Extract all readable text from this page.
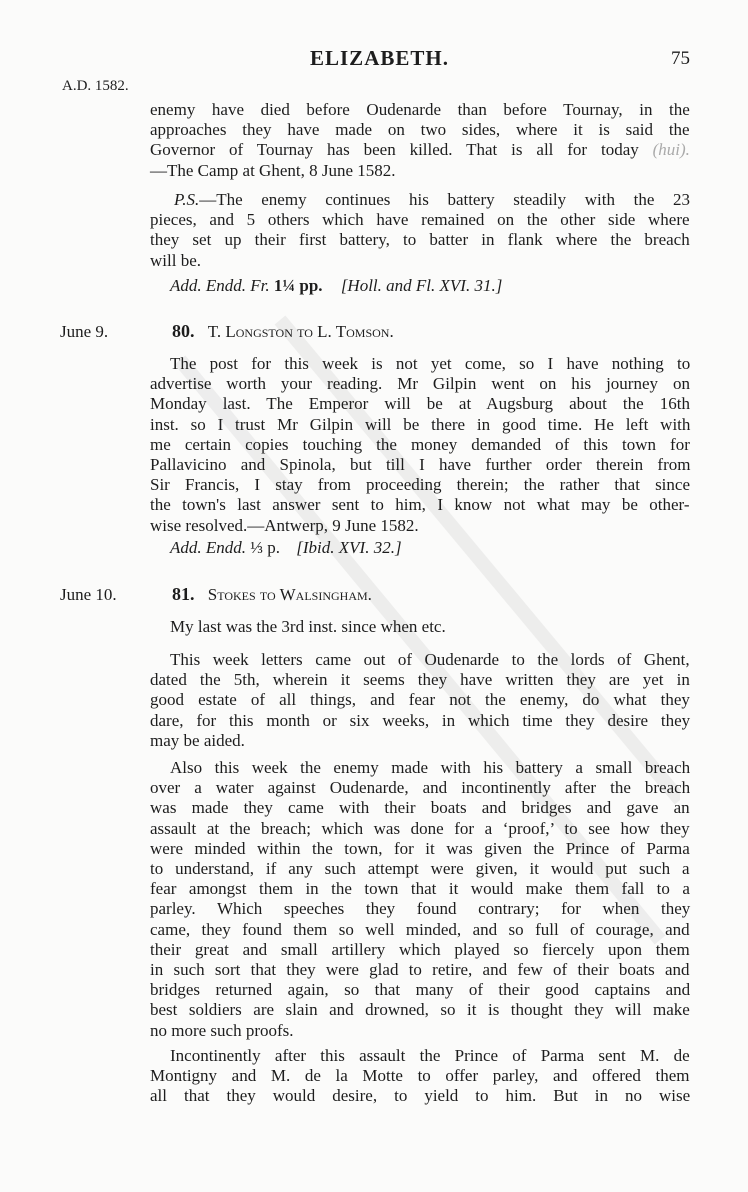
ELIZABETH.	75
A.D. 1582.
enemy have died before Oudenarde than before Tournay, in the
approaches they have made on two sides, where it is said the
Governor of Tournay has been killed. That is all for today (hui).
—The Camp at Ghent, 8 June 1582.
P.S.—The enemy continues his battery steadily with the 23
pieces, and 5 others which have remained on the other side where
they set up their first battery, to batter in flank where the breach
will be.
Add. Endd. Fr. 1¼ pp. [Holl. and Fl. XVI. 31.]
June 9.	80. T. Longston to L. Tomson.
The post for this week is not yet come, so I have nothing to
advertise worth your reading. Mr Gilpin went on his journey on
Monday last. The Emperor will be at Augsburg about the 16th
inst. so I trust Mr Gilpin will be there in good time. He left with
me certain copies touching the money demanded of this town for
Pallavicino and Spinola, but till I have further order therein from
Sir Francis, I stay from proceeding therein; the rather that since
the town's last answer sent to him, I know not what may be other-
wise resolved.—Antwerp, 9 June 1582.
Add. Endd. ⅓ p. [Ibid. XVI. 32.]
June 10.	81. Stokes to Walsingham.
My last was the 3rd inst. since when etc.
This week letters came out of Oudenarde to the lords of Ghent,
dated the 5th, wherein it seems they have written they are yet in
good estate of all things, and fear not the enemy, do what they
dare, for this month or six weeks, in which time they desire they
may be aided.
Also this week the enemy made with his battery a small breach
over a water against Oudenarde, and incontinently after the breach
was made they came with their boats and bridges and gave an
assault at the breach; which was done for a ‘proof,’ to see how they
were minded within the town, for it was given the Prince of Parma
to understand, if any such attempt were given, it would put such a
fear amongst them in the town that it would make them fall to a
parley. Which speeches they found contrary; for when they
came, they found them so well minded, and so full of courage, and
their great and small artillery which played so fiercely upon them
in such sort that they were glad to retire, and few of their boats and
bridges returned again, so that many of their good captains and
best soldiers are slain and drowned, so it is thought they will make
no more such proofs.
Incontinently after this assault the Prince of Parma sent M. de
Montigny and M. de la Motte to offer parley, and offered them
all that they would desire, to yield to him. But in no wise
